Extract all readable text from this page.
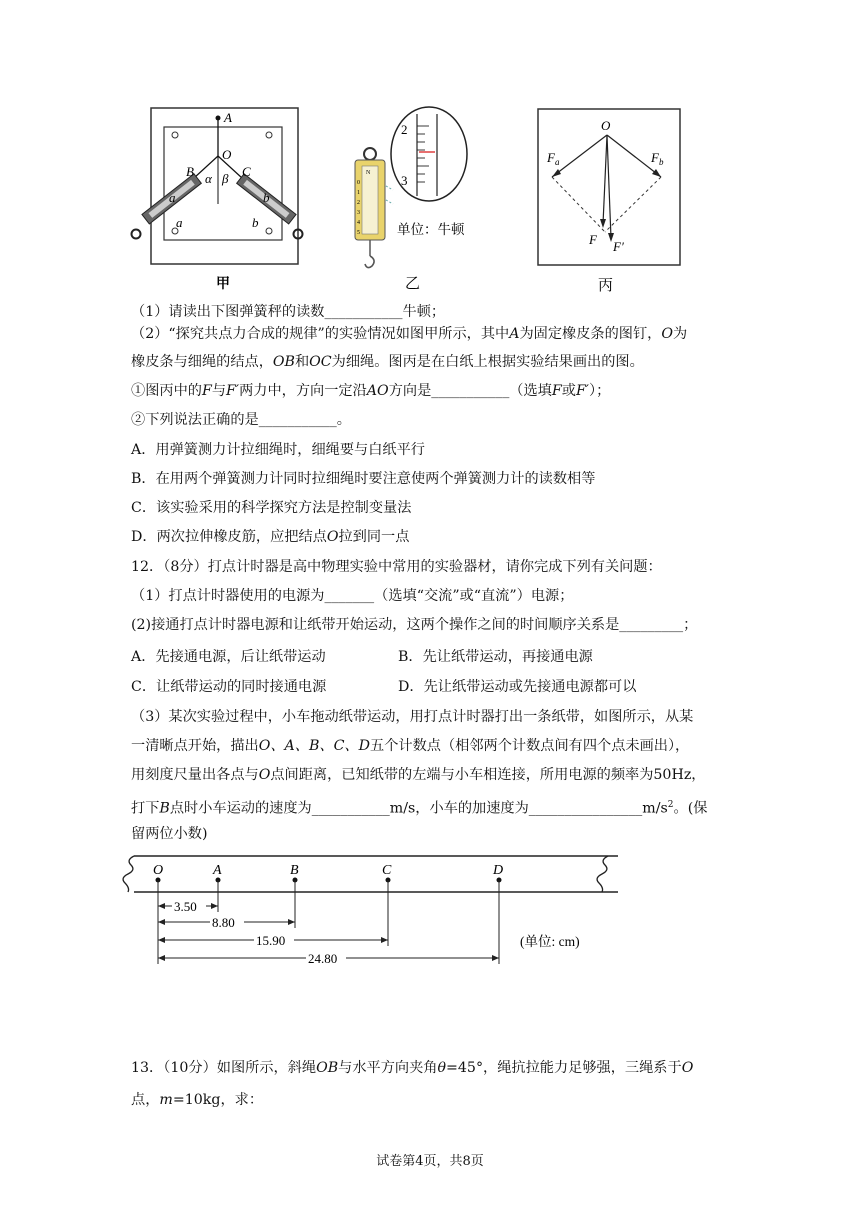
A
O
B	C
α β
a
a
b
b
甲
2
3
N
0
1
2
3
4
5	单位：牛顿
乙
O
$F_a$	$F_b$
F F′
丙
（1）请读出下图弹簧秤的读数___________牛顿；
（2）“探究共点力合成的规律”的实验情况如图甲所示，其中A为固定橡皮条的图钉，O为
橡皮条与细绳的结点，OB和OC为细绳。图丙是在白纸上根据实验结果画出的图。
①图丙中的F与F′两力中，方向一定沿AO方向是___________（选填F或F′）；
②下列说法正确的是___________。
A．用弹簧测力计拉细绳时，细绳要与白纸平行
B．在用两个弹簧测力计同时拉细绳时要注意使两个弹簧测力计的读数相等
C．该实验采用的科学探究方法是控制变量法
D．两次拉伸橡皮筋，应把结点O拉到同一点
12．（8分）打点计时器是高中物理实验中常用的实验器材，请你完成下列有关问题：
（1）打点计时器使用的电源为_______（选填“交流”或“直流”）电源；
(2)接通打点计时器电源和让纸带开始运动，这两个操作之间的时间顺序关系是_________；
A．先接通电源，后让纸带运动	B．先让纸带运动，再接通电源
C．让纸带运动的同时接通电源	D．先让纸带运动或先接通电源都可以
（3）某次实验过程中，小车拖动纸带运动，用打点计时器打出一条纸带，如图所示，从某
一清晰点开始，描出O、A、B、C、D五个计数点（相邻两个计数点间有四个点未画出），
用刻度尺量出各点与O点间距离，已知纸带的左端与小车相连接，所用电源的频率为50Hz，
打下B点时小车运动的速度为___________m/s，小车的加速度为$\_\_\_\_\_\_\_\_\_\_\_\_\_\_\_\_m/s^2$。(保
留两位小数)
O	A	B	C	D
3.50
8.80
15.90
24.80
(单位: cm)
13．（10分）如图所示，斜绳OB与水平方向夹角θ=45°，绳抗拉能力足够强，三绳系于O
点，m=10kg，求：
试卷第4页，共8页
